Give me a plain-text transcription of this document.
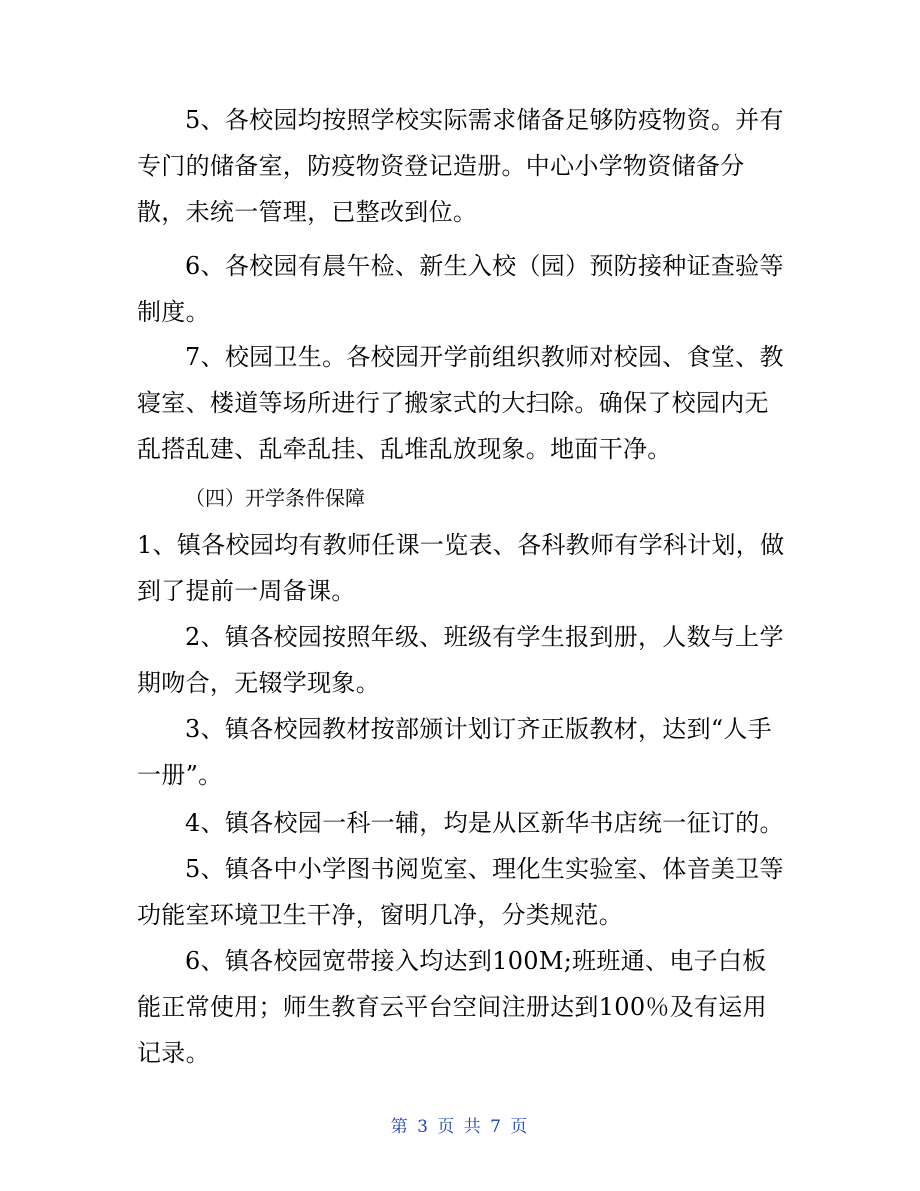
5、各校园均按照学校实际需求储备足够防疫物资。并有专门的储备室，防疫物资登记造册。中心小学物资储备分散，未统一管理，已整改到位。

6、各校园有晨午检、新生入校（园）预防接种证查验等制度。

7、校园卫生。各校园开学前组织教师对校园、食堂、教寝室、楼道等场所进行了搬家式的大扫除。确保了校园内无乱搭乱建、乱牵乱挂、乱堆乱放现象。地面干净。

（四）开学条件保障

1、镇各校园均有教师任课一览表、各科教师有学科计划，做到了提前一周备课。

2、镇各校园按照年级、班级有学生报到册，人数与上学期吻合，无辍学现象。

3、镇各校园教材按部颁计划订齐正版教材，达到“人手一册”。

4、镇各校园一科一辅，均是从区新华书店统一征订的。

5、镇各中小学图书阅览室、理化生实验室、体音美卫等功能室环境卫生干净，窗明几净，分类规范。

6、镇各校园宽带接入均达到100M;班班通、电子白板能正常使用；师生教育云平台空间注册达到100％及有运用记录。

第 3 页 共 7 页
